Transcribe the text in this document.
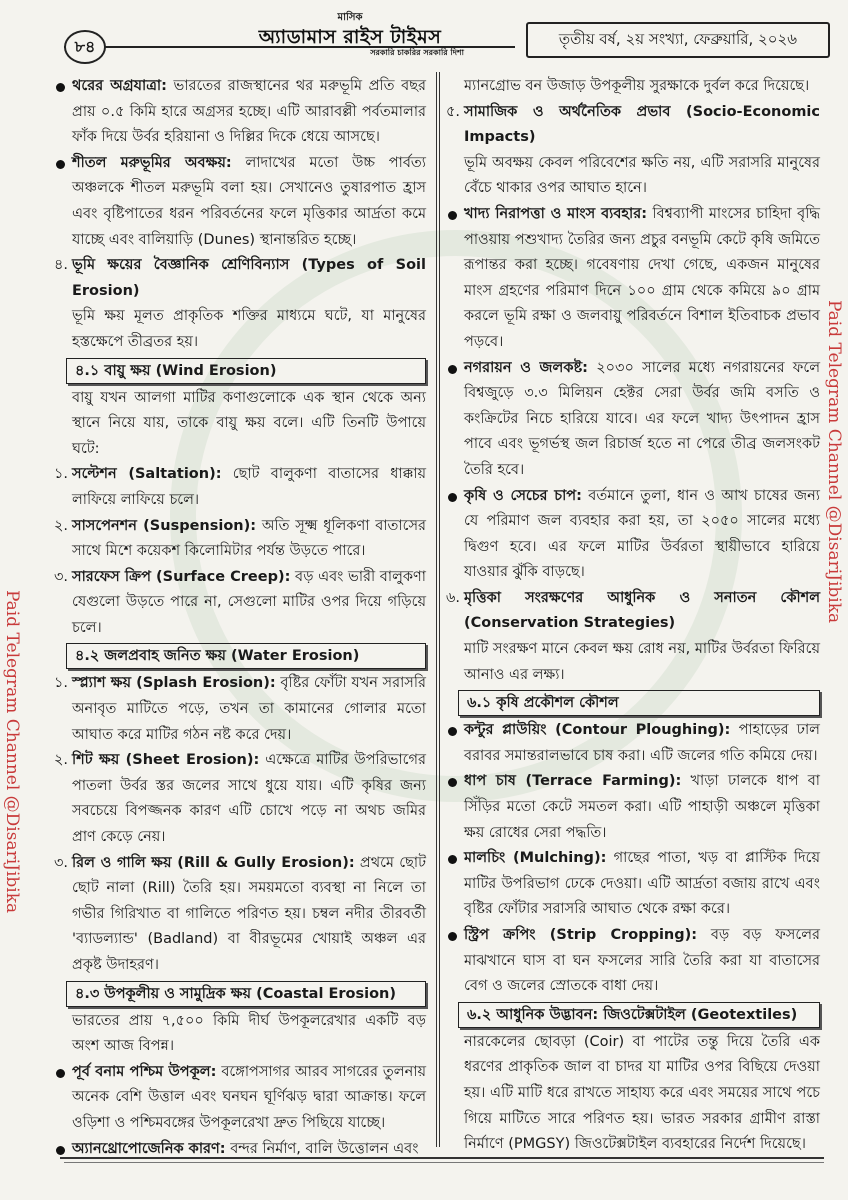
৮৪
মাসিক
অ্যাডামাস রাইস টাইমস
সরকারি চাকরির সরকারি দিশা
তৃতীয় বর্ষ, ২য় সংখ্যা, ফেব্রুয়ারি, ২০২৬
থরের অগ্রযাত্রা: ভারতের রাজস্থানের থর মরুভূমি প্রতি বছর প্রায় ০.৫ কিমি হারে অগ্রসর হচ্ছে। এটি আরাবল্লী পর্বতমালার ফাঁক দিয়ে উর্বর হরিয়ানা ও দিল্লির দিকে ধেয়ে আসছে।
শীতল মরুভূমির অবক্ষয়: লাদাখের মতো উচ্চ পার্বত্য অঞ্চলকে শীতল মরুভূমি বলা হয়। সেখানেও তুষারপাত হ্রাস এবং বৃষ্টিপাতের ধরন পরিবর্তনের ফলে মৃত্তিকার আর্দ্রতা কমে যাচ্ছে এবং বালিয়াড়ি (Dunes) স্থানান্তরিত হচ্ছে।
৪. ভূমি ক্ষয়ের বৈজ্ঞানিক শ্রেণিবিন্যাস (Types of Soil Erosion)

ভূমি ক্ষয় মূলত প্রাকৃতিক শক্তির মাধ্যমে ঘটে, যা মানুষের হস্তক্ষেপে তীব্রতর হয়।

৪.১ বায়ু ক্ষয় (Wind Erosion)

বায়ু যখন আলগা মাটির কণাগুলোকে এক স্থান থেকে অন্য স্থানে নিয়ে যায়, তাকে বায়ু ক্ষয় বলে। এটি তিনটি উপায়ে ঘটে:

১. সল্টেশন (Saltation): ছোট বালুকণা বাতাসের ধাক্কায় লাফিয়ে লাফিয়ে চলে।
২. সাসপেনশন (Suspension): অতি সূক্ষ্ম ধূলিকণা বাতাসের সাথে মিশে কয়েকশ কিলোমিটার পর্যন্ত উড়তে পারে।
৩. সারফেস ক্রিপ (Surface Creep): বড় এবং ভারী বালুকণা যেগুলো উড়তে পারে না, সেগুলো মাটির ওপর দিয়ে গড়িয়ে চলে।
৪.২ জলপ্রবাহ জনিত ক্ষয় (Water Erosion)
১. স্প্ল্যাশ ক্ষয় (Splash Erosion): বৃষ্টির ফোঁটা যখন সরাসরি অনাবৃত মাটিতে পড়ে, তখন তা কামানের গোলার মতো আঘাত করে মাটির গঠন নষ্ট করে দেয়।
২. শিট ক্ষয় (Sheet Erosion): এক্ষেত্রে মাটির উপরিভাগের পাতলা উর্বর স্তর জলের সাথে ধুয়ে যায়। এটি কৃষির জন্য সবচেয়ে বিপজ্জনক কারণ এটি চোখে পড়ে না অথচ জমির প্রাণ কেড়ে নেয়।
৩. রিল ও গালি ক্ষয় (Rill & Gully Erosion): প্রথমে ছোট ছোট নালা (Rill) তৈরি হয়। সময়মতো ব্যবস্থা না নিলে তা গভীর গিরিখাত বা গালিতে পরিণত হয়। চম্বল নদীর তীরবর্তী 'ব্যাডল্যান্ড' (Badland) বা বীরভূমের খোয়াই অঞ্চল এর প্রকৃষ্ট উদাহরণ।
৪.৩ উপকূলীয় ও সামুদ্রিক ক্ষয় (Coastal Erosion)

ভারতের প্রায় ৭,৫০০ কিমি দীর্ঘ উপকূলরেখার একটি বড় অংশ আজ বিপন্ন।

পূর্ব বনাম পশ্চিম উপকূল: বঙ্গোপসাগর আরব সাগরের তুলনায় অনেক বেশি উত্তাল এবং ঘনঘন ঘূর্ণিঝড় দ্বারা আক্রান্ত। ফলে ওড়িশা ও পশ্চিমবঙ্গের উপকূলরেখা দ্রুত পিছিয়ে যাচ্ছে।
অ্যানথ্রোপোজেনিক কারণ: বন্দর নির্মাণ, বালি উত্তোলন এবং

ম্যানগ্রোভ বন উজাড় উপকূলীয় সুরক্ষাকে দুর্বল করে দিয়েছে।

৫. সামাজিক ও অর্থনৈতিক প্রভাব (Socio-Economic Impacts)

ভূমি অবক্ষয় কেবল পরিবেশের ক্ষতি নয়, এটি সরাসরি মানুষের বেঁচে থাকার ওপর আঘাত হানে।

খাদ্য নিরাপত্তা ও মাংস ব্যবহার: বিশ্বব্যাপী মাংসের চাহিদা বৃদ্ধি পাওয়ায় পশুখাদ্য তৈরির জন্য প্রচুর বনভূমি কেটে কৃষি জমিতে রূপান্তর করা হচ্ছে। গবেষণায় দেখা গেছে, একজন মানুষের মাংস গ্রহণের পরিমাণ দিনে ১০০ গ্রাম থেকে কমিয়ে ৯০ গ্রাম করলে ভূমি রক্ষা ও জলবায়ু পরিবর্তনে বিশাল ইতিবাচক প্রভাব পড়বে।
নগরায়ন ও জলকষ্ট: ২০৩০ সালের মধ্যে নগরায়নের ফলে বিশ্বজুড়ে ৩.৩ মিলিয়ন হেক্টর সেরা উর্বর জমি বসতি ও কংক্রিটের নিচে হারিয়ে যাবে। এর ফলে খাদ্য উৎপাদন হ্রাস পাবে এবং ভূগর্ভস্থ জল রিচার্জ হতে না পেরে তীব্র জলসংকট তৈরি হবে।
কৃষি ও সেচের চাপ: বর্তমানে তুলা, ধান ও আখ চাষের জন্য যে পরিমাণ জল ব্যবহার করা হয়, তা ২০৫০ সালের মধ্যে দ্বিগুণ হবে। এর ফলে মাটির উর্বরতা স্থায়ীভাবে হারিয়ে যাওয়ার ঝুঁকি বাড়ছে।
৬. মৃত্তিকা সংরক্ষণের আধুনিক ও সনাতন কৌশল (Conservation Strategies)

মাটি সংরক্ষণ মানে কেবল ক্ষয় রোধ নয়, মাটির উর্বরতা ফিরিয়ে আনাও এর লক্ষ্য।

৬.১ কৃষি প্রকৌশল কৌশল
কন্টুর প্লাউয়িং (Contour Ploughing): পাহাড়ের ঢাল বরাবর সমান্তরালভাবে চাষ করা। এটি জলের গতি কমিয়ে দেয়।
ধাপ চাষ (Terrace Farming): খাড়া ঢালকে ধাপ বা সিঁড়ির মতো কেটে সমতল করা। এটি পাহাড়ী অঞ্চলে মৃত্তিকা ক্ষয় রোধের সেরা পদ্ধতি।
মালচিং (Mulching): গাছের পাতা, খড় বা প্লাস্টিক দিয়ে মাটির উপরিভাগ ঢেকে দেওয়া। এটি আর্দ্রতা বজায় রাখে এবং বৃষ্টির ফোঁটার সরাসরি আঘাত থেকে রক্ষা করে।
স্ট্রিপ ক্রপিং (Strip Cropping): বড় বড় ফসলের মাঝখানে ঘাস বা ঘন ফসলের সারি তৈরি করা যা বাতাসের বেগ ও জলের স্রোতকে বাধা দেয়।
৬.২ আধুনিক উদ্ভাবন: জিওটেক্সটাইল (Geotextiles)

নারকেলের ছোবড়া (Coir) বা পাটের তন্তু দিয়ে তৈরি এক ধরণের প্রাকৃতিক জাল বা চাদর যা মাটির ওপর বিছিয়ে দেওয়া হয়। এটি মাটি ধরে রাখতে সাহায্য করে এবং সময়ের সাথে পচে গিয়ে মাটিতে সারে পরিণত হয়। ভারত সরকার গ্রামীণ রাস্তা নির্মাণে (PMGSY) জিওটেক্সটাইল ব্যবহারের নির্দেশ দিয়েছে।

Paid Telegram Channel @DisariJibika
Paid Telegram Channel @DisariJibika
